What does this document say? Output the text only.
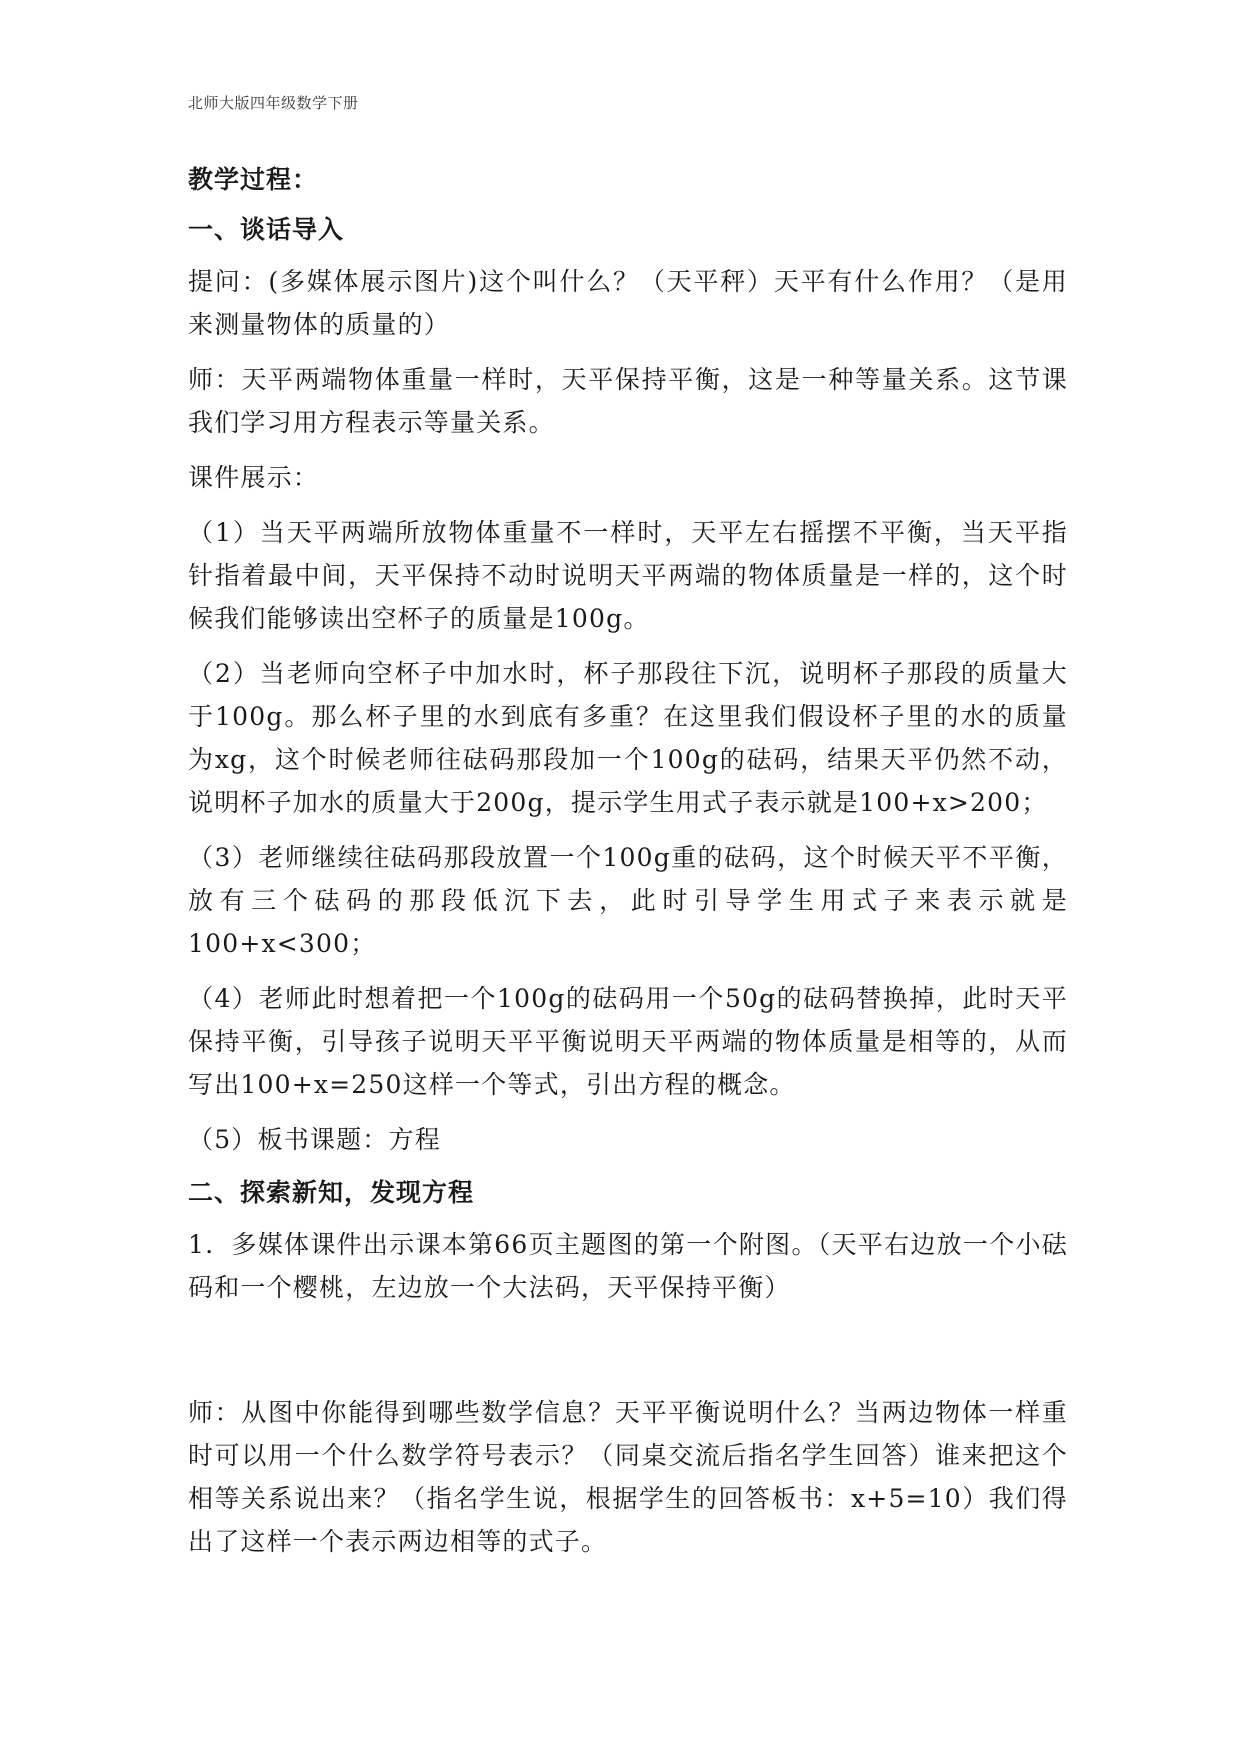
北师大版四年级数学下册
教学过程：
一、谈话导入

提问：(多媒体展示图片)这个叫什么？（天平秤）天平有什么作用？（是用来测量物体的质量的）

师：天平两端物体重量一样时，天平保持平衡，这是一种等量关系。这节课我们学习用方程表示等量关系。

课件展示：

（1）当天平两端所放物体重量不一样时，天平左右摇摆不平衡，当天平指针指着最中间，天平保持不动时说明天平两端的物体质量是一样的，这个时候我们能够读出空杯子的质量是100g。

（2）当老师向空杯子中加水时，杯子那段往下沉，说明杯子那段的质量大于100g。那么杯子里的水到底有多重？在这里我们假设杯子里的水的质量为xg，这个时候老师往砝码那段加一个100g的砝码，结果天平仍然不动，说明杯子加水的质量大于200g，提示学生用式子表示就是100+x>200；

（3）老师继续往砝码那段放置一个100g重的砝码，这个时候天平不平衡，放有三个砝码的那段低沉下去，此时引导学生用式子来表示就是100+x<300；

（4）老师此时想着把一个100g的砝码用一个50g的砝码替换掉，此时天平保持平衡，引导孩子说明天平平衡说明天平两端的物体质量是相等的，从而写出100+x=250这样一个等式，引出方程的概念。

（5）板书课题：方程

二、探索新知，发现方程

1．多媒体课件出示课本第66页主题图的第一个附图。（天平右边放一个小砝码和一个樱桃，左边放一个大法码，天平保持平衡）

师：从图中你能得到哪些数学信息？天平平衡说明什么？当两边物体一样重时可以用一个什么数学符号表示？（同桌交流后指名学生回答）谁来把这个相等关系说出来？（指名学生说，根据学生的回答板书：x+5=10）我们得出了这样一个表示两边相等的式子。
